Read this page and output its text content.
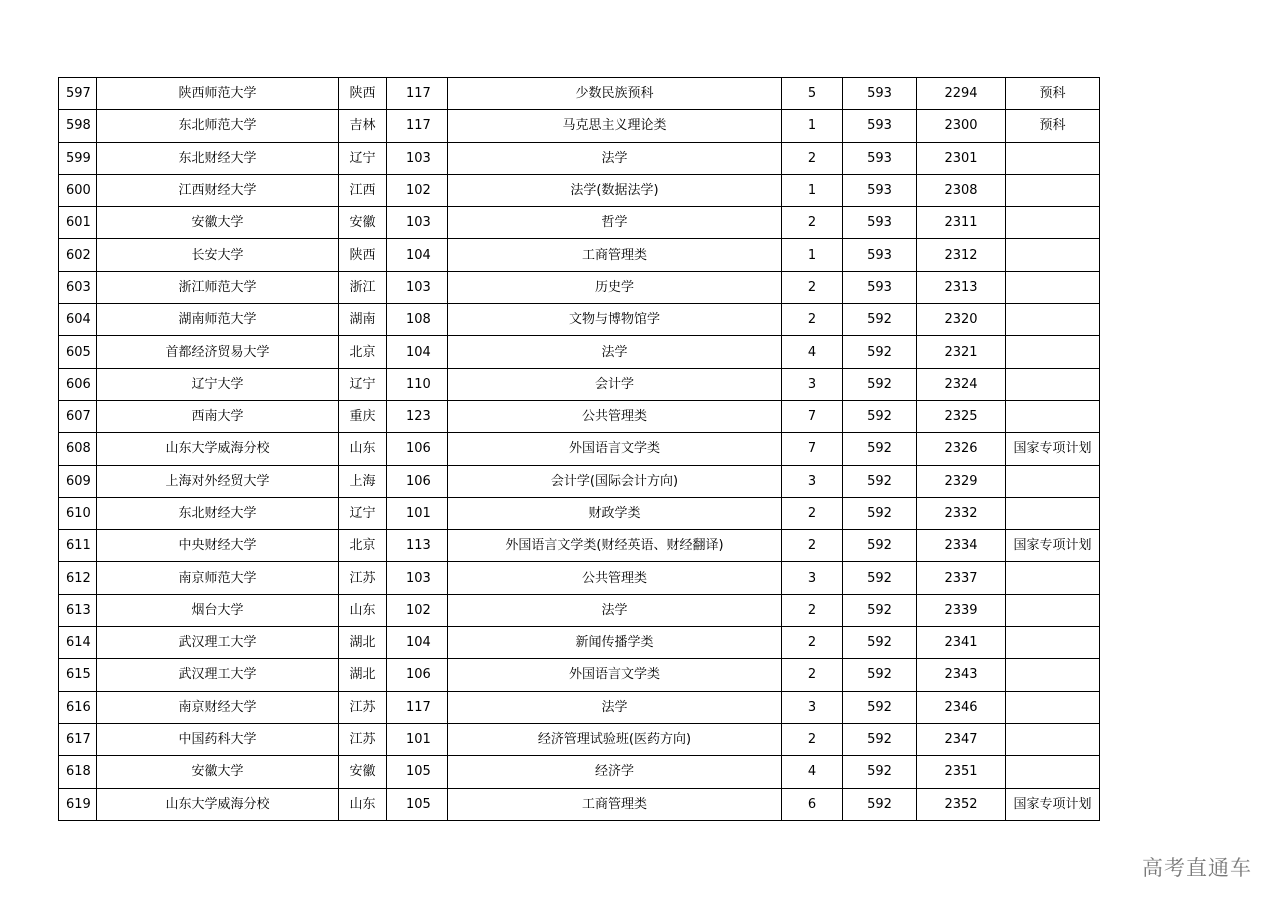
597	陕西师范大学	陕西	117	少数民族预科	5	593	2294	预科
598	东北师范大学	吉林	117	马克思主义理论类	1	593	2300	预科
599	东北财经大学	辽宁	103	法学	2	593	2301	
600	江西财经大学	江西	102	法学(数据法学)	1	593	2308	
601	安徽大学	安徽	103	哲学	2	593	2311	
602	长安大学	陕西	104	工商管理类	1	593	2312	
603	浙江师范大学	浙江	103	历史学	2	593	2313	
604	湖南师范大学	湖南	108	文物与博物馆学	2	592	2320	
605	首都经济贸易大学	北京	104	法学	4	592	2321	
606	辽宁大学	辽宁	110	会计学	3	592	2324	
607	西南大学	重庆	123	公共管理类	7	592	2325	
608	山东大学威海分校	山东	106	外国语言文学类	7	592	2326	国家专项计划
609	上海对外经贸大学	上海	106	会计学(国际会计方向)	3	592	2329	
610	东北财经大学	辽宁	101	财政学类	2	592	2332	
611	中央财经大学	北京	113	外国语言文学类(财经英语、财经翻译)	2	592	2334	国家专项计划
612	南京师范大学	江苏	103	公共管理类	3	592	2337	
613	烟台大学	山东	102	法学	2	592	2339	
614	武汉理工大学	湖北	104	新闻传播学类	2	592	2341	
615	武汉理工大学	湖北	106	外国语言文学类	2	592	2343	
616	南京财经大学	江苏	117	法学	3	592	2346	
617	中国药科大学	江苏	101	经济管理试验班(医药方向)	2	592	2347	
618	安徽大学	安徽	105	经济学	4	592	2351	
619	山东大学威海分校	山东	105	工商管理类	6	592	2352	国家专项计划
高考直通车
